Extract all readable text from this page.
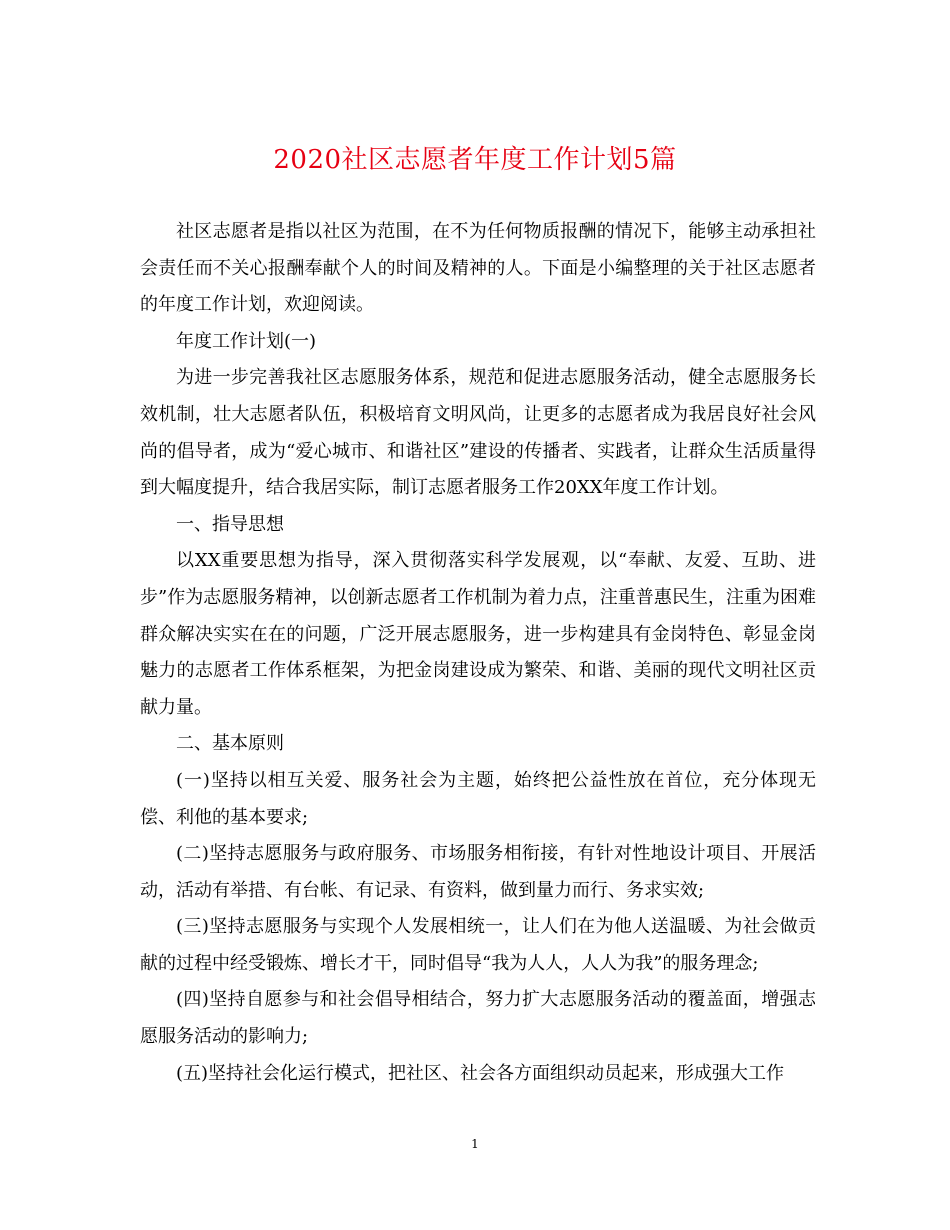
2020社区志愿者年度工作计划5篇

社区志愿者是指以社区为范围，在不为任何物质报酬的情况下，能够主动承担社会责任而不关心报酬奉献个人的时间及精神的人。下面是小编整理的关于社区志愿者的年度工作计划，欢迎阅读。

年度工作计划(一)

为进一步完善我社区志愿服务体系，规范和促进志愿服务活动，健全志愿服务长效机制，壮大志愿者队伍，积极培育文明风尚，让更多的志愿者成为我居良好社会风尚的倡导者，成为“爱心城市、和谐社区”建设的传播者、实践者，让群众生活质量得到大幅度提升，结合我居实际，制订志愿者服务工作20XX年度工作计划。

一、指导思想

以XX重要思想为指导，深入贯彻落实科学发展观，以“奉献、友爱、互助、进步”作为志愿服务精神，以创新志愿者工作机制为着力点，注重普惠民生，注重为困难群众解决实实在在的问题，广泛开展志愿服务，进一步构建具有金岗特色、彰显金岗魅力的志愿者工作体系框架，为把金岗建设成为繁荣、和谐、美丽的现代文明社区贡献力量。

二、基本原则

(一)坚持以相互关爱、服务社会为主题，始终把公益性放在首位，充分体现无偿、利他的基本要求;

(二)坚持志愿服务与政府服务、市场服务相衔接，有针对性地设计项目、开展活动，活动有举措、有台帐、有记录、有资料，做到量力而行、务求实效;

(三)坚持志愿服务与实现个人发展相统一，让人们在为他人送温暖、为社会做贡献的过程中经受锻炼、增长才干，同时倡导“我为人人，人人为我”的服务理念;

(四)坚持自愿参与和社会倡导相结合，努力扩大志愿服务活动的覆盖面，增强志愿服务活动的影响力;

(五)坚持社会化运行模式，把社区、社会各方面组织动员起来，形成强大工作

1
